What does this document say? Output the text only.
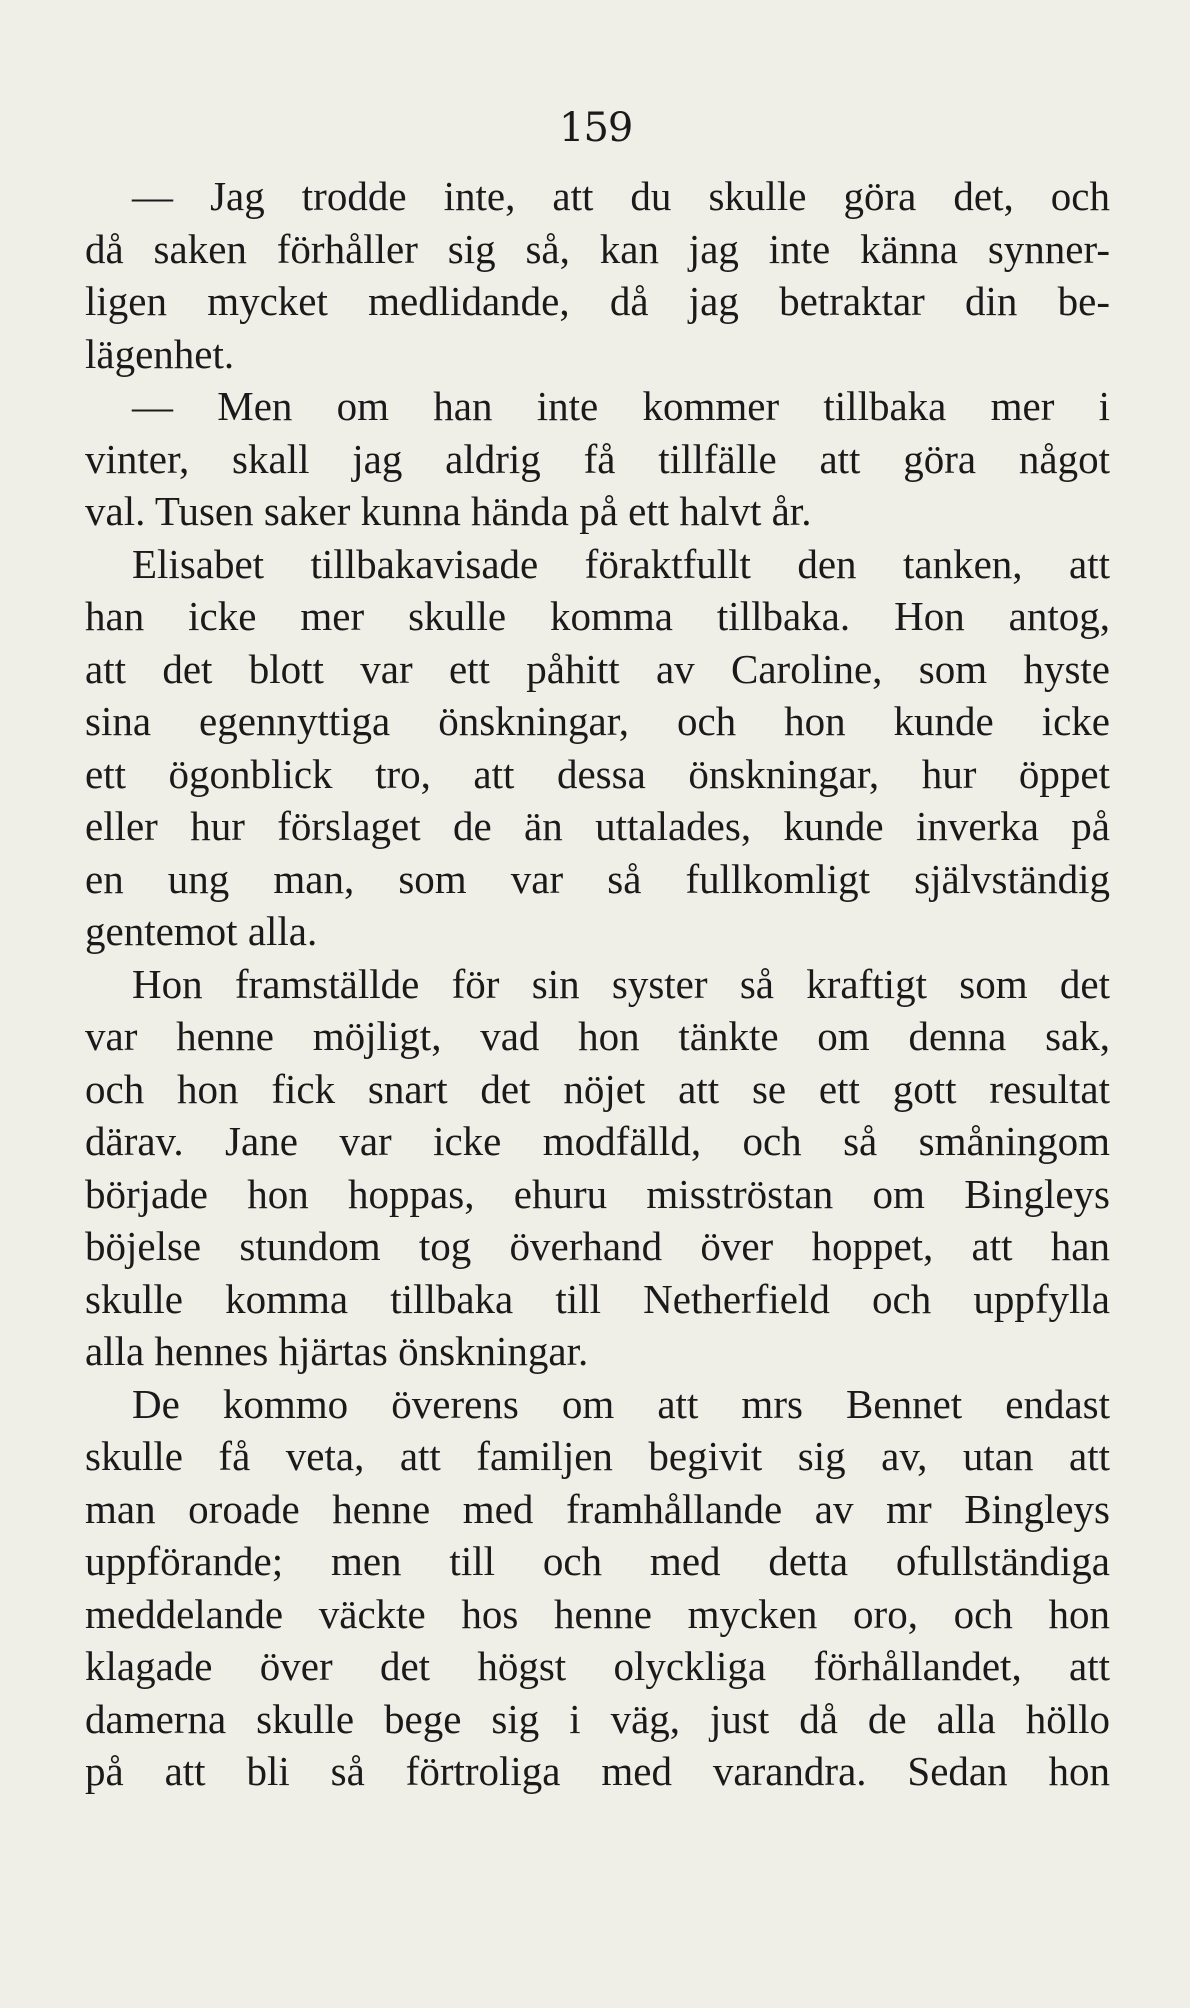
159
— Jag trodde inte, att du skulle göra det, och
då saken förhåller sig så, kan jag inte känna synner-
ligen mycket medlidande, då jag betraktar din be-
lägenhet.
— Men om han inte kommer tillbaka mer i
vinter, skall jag aldrig få tillfälle att göra något
val. Tusen saker kunna hända på ett halvt år.
Elisabet tillbakavisade föraktfullt den tanken, att
han icke mer skulle komma tillbaka. Hon antog,
att det blott var ett påhitt av Caroline, som hyste
sina egennyttiga önskningar, och hon kunde icke
ett ögonblick tro, att dessa önskningar, hur öppet
eller hur förslaget de än uttalades, kunde inverka på
en ung man, som var så fullkomligt självständig
gentemot alla.
Hon framställde för sin syster så kraftigt som det
var henne möjligt, vad hon tänkte om denna sak,
och hon fick snart det nöjet att se ett gott resultat
därav. Jane var icke modfälld, och så småningom
började hon hoppas, ehuru misströstan om Bingleys
böjelse stundom tog överhand över hoppet, att han
skulle komma tillbaka till Netherfield och uppfylla
alla hennes hjärtas önskningar.
De kommo överens om att mrs Bennet endast
skulle få veta, att familjen begivit sig av, utan att
man oroade henne med framhållande av mr Bingleys
uppförande; men till och med detta ofullständiga
meddelande väckte hos henne mycken oro, och hon
klagade över det högst olyckliga förhållandet, att
damerna skulle bege sig i väg, just då de alla höllo
på att bli så förtroliga med varandra. Sedan hon
